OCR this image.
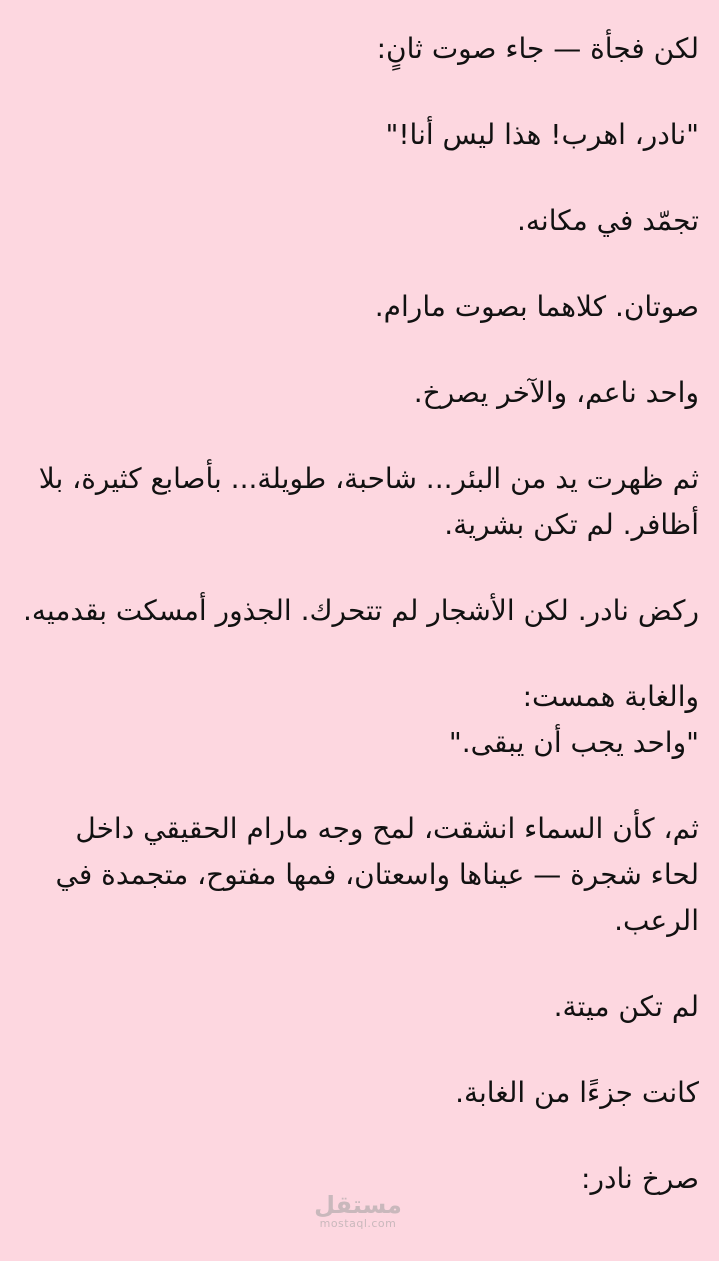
لكن فجأة — جاء صوت ثانٍ:

"نادر، اهرب! هذا ليس أنا!"

تجمّد في مكانه.

صوتان. كلاهما بصوت مارام.

واحد ناعم، والآخر يصرخ.

ثم ظهرت يد من البئر... شاحبة، طويلة... بأصابع كثيرة، بلا أظافر. لم تكن بشرية.

ركض نادر. لكن الأشجار لم تتحرك. الجذور أمسكت بقدميه.

والغابة همست:
"واحد يجب أن يبقى."

ثم، كأن السماء انشقت، لمح وجه مارام الحقيقي داخل لحاء شجرة — عيناها واسعتان، فمها مفتوح، متجمدة في الرعب.

لم تكن ميتة.

كانت جزءًا من الغابة.

صرخ نادر:

مستقل
mostaql.com
